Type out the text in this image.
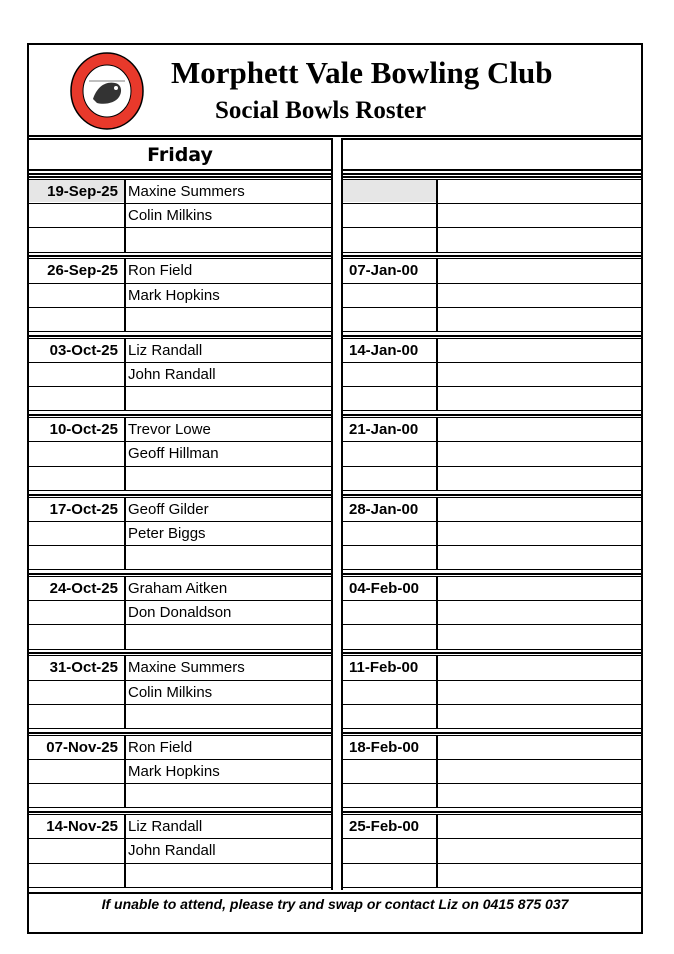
Morphett Vale Bowling Club
Social Bowls Roster
Friday
If unable to attend, please try and swap or contact Liz on 0415 875 037
19-Sep-25 Maxine Summers
Colin Milkins
26-Sep-25 Ron Field
Mark Hopkins
07-Jan-00
03-Oct-25 Liz Randall
John Randall
14-Jan-00
10-Oct-25 Trevor Lowe
Geoff Hillman
21-Jan-00
17-Oct-25 Geoff Gilder
Peter Biggs
28-Jan-00
24-Oct-25 Graham Aitken
Don Donaldson
04-Feb-00
31-Oct-25 Maxine Summers
Colin Milkins
11-Feb-00
07-Nov-25 Ron Field
Mark Hopkins
18-Feb-00
14-Nov-25 Liz Randall
John Randall
25-Feb-00
